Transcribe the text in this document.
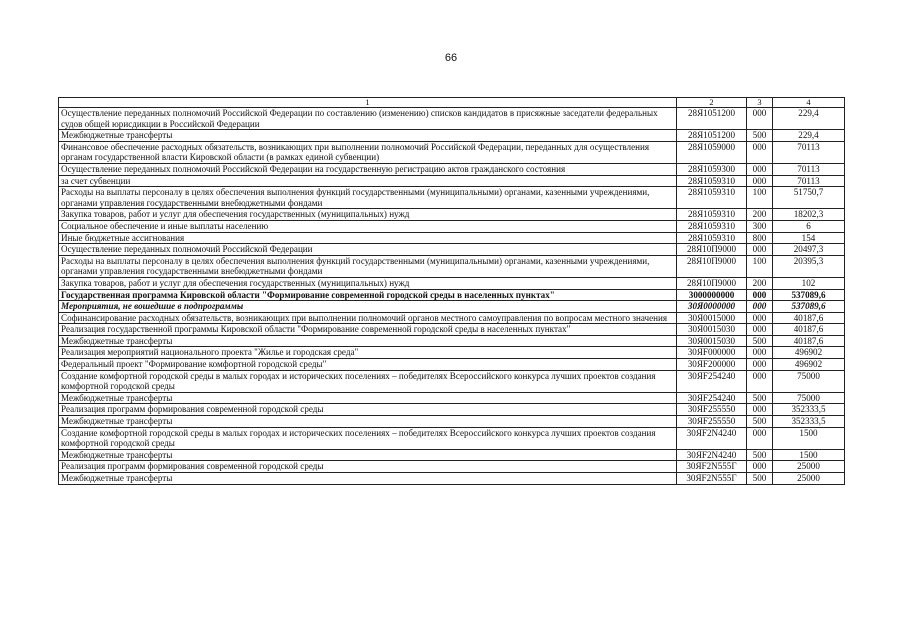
66
1	2	3	4
Осуществление переданных полномочий Российской Федерации по составлению (изменению) списков кандидатов в присяжные заседатели федеральных судов общей юрисдикции в Российской Федерации	28Я1051200	000	229,4
Межбюджетные трансферты	28Я1051200	500	229,4
Финансовое обеспечение расходных обязательств, возникающих при выполнении полномочий Российской Федерации, переданных для осуществления органам государственной власти Кировской области (в рамках единой субвенции)	28Я1059000	000	70113
Осуществление переданных полномочий Российской Федерации на государственную регистрацию актов гражданского состояния	28Я1059300	000	70113
за счет субвенции	28Я1059310	000	70113
Расходы на выплаты персоналу в целях обеспечения выполнения функций государственными (муниципальными) органами, казенными учреждениями, органами управления государственными внебюджетными фондами	28Я1059310	100	51750,7
Закупка товаров, работ и услуг для обеспечения государственных (муниципальных) нужд	28Я1059310	200	18202,3
Социальное обеспечение и иные выплаты населению	28Я1059310	300	6
Иные бюджетные ассигнования	28Я1059310	800	154
Осуществление переданных полномочий Российской Федерации	28Я10П9000	000	20497,3
Расходы на выплаты персоналу в целях обеспечения выполнения функций государственными (муниципальными) органами, казенными учреждениями, органами управления государственными внебюджетными фондами	28Я10П9000	100	20395,3
Закупка товаров, работ и услуг для обеспечения государственных (муниципальных) нужд	28Я10П9000	200	102
Государственная программа Кировской области "Формирование современной городской среды в населенных пунктах"	3000000000	000	537089,6
Мероприятия, не вошедшие в подпрограммы	30Я0000000	000	537089,6
Софинансирование расходных обязательств, возникающих при выполнении полномочий органов местного самоуправления по вопросам местного значения	30Я0015000	000	40187,6
Реализация государственной программы Кировской области "Формирование современной городской среды в населенных пунктах"	30Я0015030	000	40187,6
Межбюджетные трансферты	30Я0015030	500	40187,6
Реализация мероприятий национального проекта "Жилье и городская среда"	30ЯF000000	000	496902
Федеральный проект "Формирование комфортной городской среды"	30ЯF200000	000	496902
Создание комфортной городской среды в малых городах и исторических поселениях – победителях Всероссийского конкурса лучших проектов создания комфортной городской среды	30ЯF254240	000	75000
Межбюджетные трансферты	30ЯF254240	500	75000
Реализация программ формирования современной городской среды	30ЯF255550	000	352333,5
Межбюджетные трансферты	30ЯF255550	500	352333,5
Создание комфортной городской среды в малых городах и исторических поселениях – победителях Всероссийского конкурса лучших проектов создания комфортной городской среды	30ЯF2N4240	000	1500
Межбюджетные трансферты	30ЯF2N4240	500	1500
Реализация программ формирования современной городской среды	30ЯF2N555Г	000	25000
Межбюджетные трансферты	30ЯF2N555Г	500	25000
